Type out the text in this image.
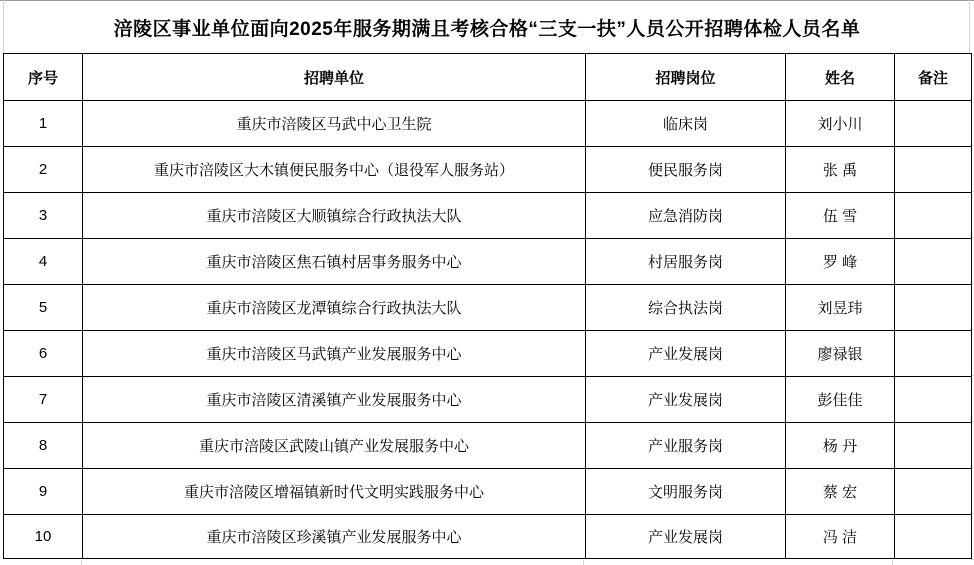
涪陵区事业单位面向2025年服务期满且考核合格“三支一扶”人员公开招聘体检人员名单
序号	招聘单位	招聘岗位	姓名	备注
1	重庆市涪陵区马武中心卫生院	临床岗	刘小川	
2	重庆市涪陵区大木镇便民服务中心（退役军人服务站）	便民服务岗	张 禹	
3	重庆市涪陵区大顺镇综合行政执法大队	应急消防岗	伍 雪	
4	重庆市涪陵区焦石镇村居事务服务中心	村居服务岗	罗 峰	
5	重庆市涪陵区龙潭镇综合行政执法大队	综合执法岗	刘昱玮	
6	重庆市涪陵区马武镇产业发展服务中心	产业发展岗	廖禄银	
7	重庆市涪陵区清溪镇产业发展服务中心	产业发展岗	彭佳佳	
8	重庆市涪陵区武陵山镇产业发展服务中心	产业服务岗	杨 丹	
9	重庆市涪陵区增福镇新时代文明实践服务中心	文明服务岗	蔡 宏	
10	重庆市涪陵区珍溪镇产业发展服务中心	产业发展岗	冯 洁	
